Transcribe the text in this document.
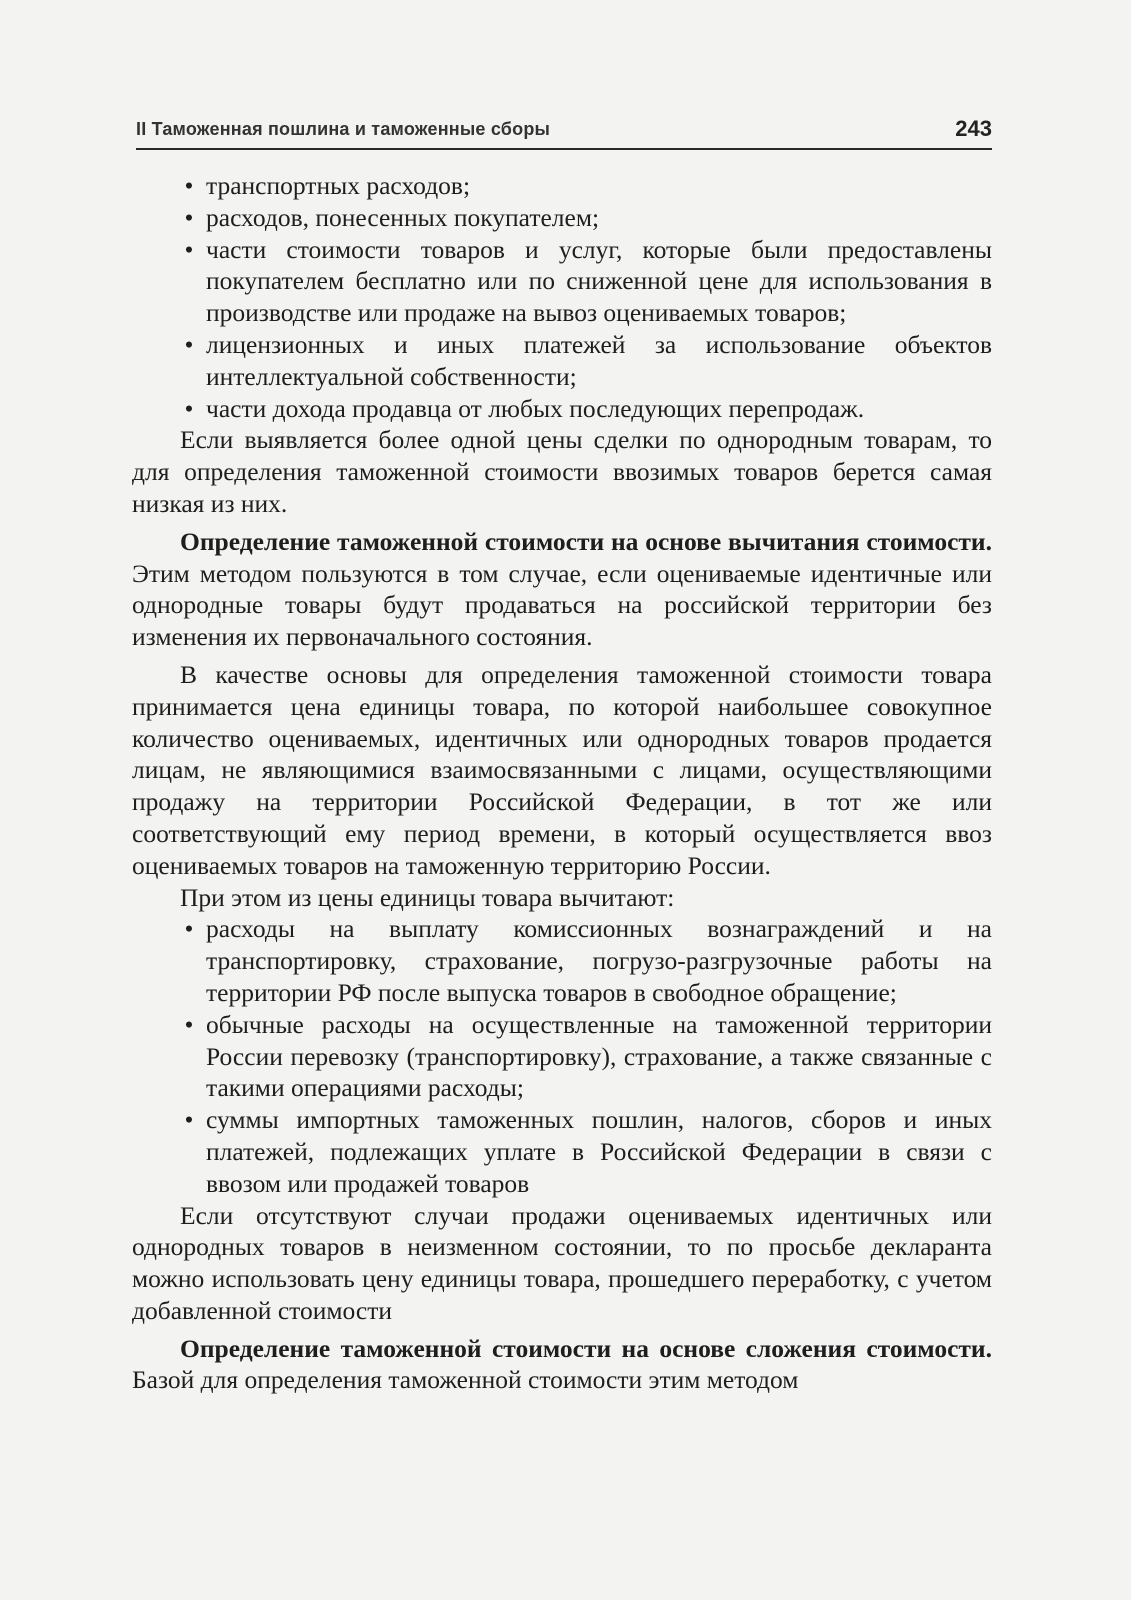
II Таможенная пошлина и таможенные сборы	243
• транспортных расходов;
• расходов, понесенных покупателем;
• части стоимости товаров и услуг, которые были предоставлены покупателем бесплатно или по сниженной цене для использования в производстве или продаже на вывоз оцениваемых товаров;
• лицензионных и иных платежей за использование объектов интеллектуальной собственности;
• части дохода продавца от любых последующих перепродаж.

Если выявляется более одной цены сделки по однородным товарам, то для определения таможенной стоимости ввозимых товаров берется самая низкая из них.

Определение таможенной стоимости на основе вычитания стоимости. Этим методом пользуются в том случае, если оцениваемые идентичные или однородные товары будут продаваться на российской территории без изменения их первоначального состояния.

В качестве основы для определения таможенной стоимости товара принимается цена единицы товара, по которой наибольшее совокупное количество оцениваемых, идентичных или однородных товаров продается лицам, не являющимися взаимосвязанными с лицами, осуществляющими продажу на территории Российской Федерации, в тот же или соответствующий ему период времени, в который осуществляется ввоз оцениваемых товаров на таможенную территорию России.

При этом из цены единицы товара вычитают:

• расходы на выплату комиссионных вознаграждений и на транспортировку, страхование, погрузо-разгрузочные работы на территории РФ после выпуска товаров в свободное обращение;
• обычные расходы на осуществленные на таможенной территории России перевозку (транспортировку), страхование, а также связанные с такими операциями расходы;
• суммы импортных таможенных пошлин, налогов, сборов и иных платежей, подлежащих уплате в Российской Федерации в связи с ввозом или продажей товаров

Если отсутствуют случаи продажи оцениваемых идентичных или однородных товаров в неизменном состоянии, то по просьбе декларанта можно использовать цену единицы товара, прошедшего переработку, с учетом добавленной стоимости

Определение таможенной стоимости на основе сложения стоимости. Базой для определения таможенной стоимости этим методом
